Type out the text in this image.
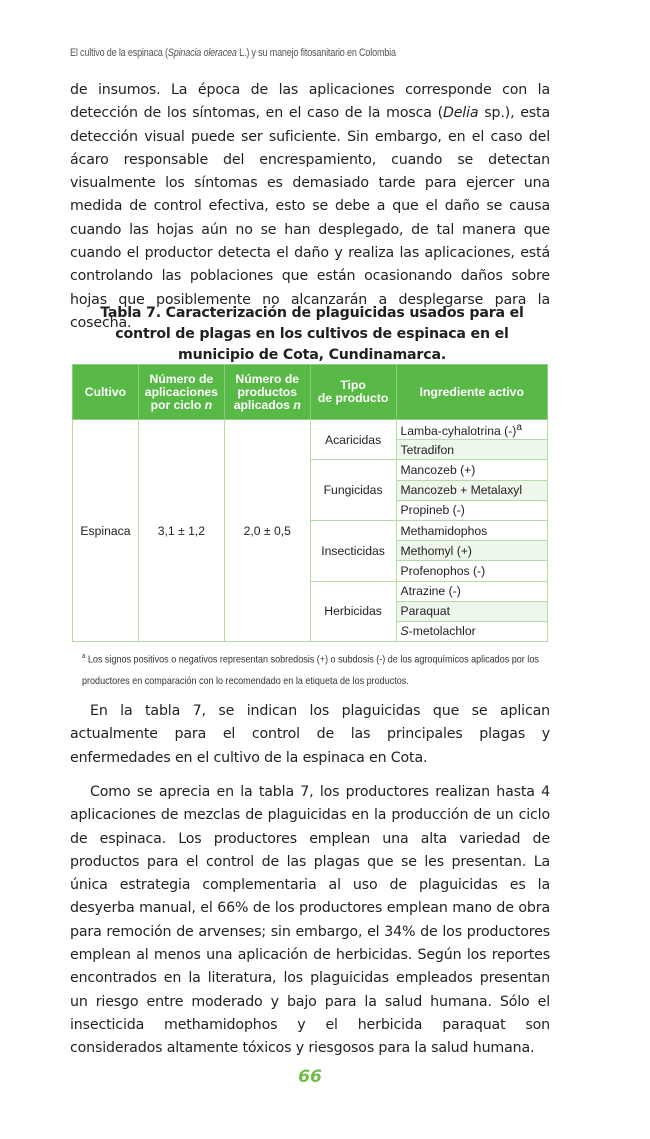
El cultivo de la espinaca (Spinacia oleracea L.) y su manejo fitosanitario en Colombia

de insumos. La época de las aplicaciones corresponde con la detección de los síntomas, en el caso de la mosca (Delia sp.), esta detección visual puede ser suficiente. Sin embargo, en el caso del ácaro responsable del encrespamiento, cuando se detectan visualmente los síntomas es demasiado tarde para ejercer una medida de control efectiva, esto se debe a que el daño se causa cuando las hojas aún no se han desplegado, de tal manera que cuando el productor detecta el daño y realiza las aplicaciones, está controlando las poblaciones que están ocasionando daños sobre hojas que posiblemente no alcanzarán a desplegarse para la cosecha.

Tabla 7. Caracterización de plaguicidas usados para el control de plagas en los cultivos de espinaca en el municipio de Cota, Cundinamarca.

Cultivo	Número de
aplicaciones
por ciclo n	Número de
productos
aplicados n	Tipo
de producto	Ingrediente activo
Espinaca	3,1 ± 1,2	2,0 ± 0,5	Acaricidas	Lamba-cyhalotrina $(-)^a$
				Tetradifon
			Fungicidas	Mancozeb (+)
				Mancozeb + Metalaxyl
				Propineb (-)
			Insecticidas	Methamidophos
				Methomyl (+)
				Profenophos (-)
			Herbicidas	Atrazine (-)
				Paraquat
				S-metolachlor
$^a$ Los signos positivos o negativos representan sobredosis (+) o subdosis (-) de los agroquímicos aplicados por los
productores en comparación con lo recomendado en la etiqueta de los productos.

En la tabla 7, se indican los plaguicidas que se aplican actualmente para el control de las principales plagas y enfermedades en el cultivo de la espinaca en Cota.

Como se aprecia en la tabla 7, los productores realizan hasta 4 aplicaciones de mezclas de plaguicidas en la producción de un ciclo de espinaca. Los productores emplean una alta variedad de productos para el control de las plagas que se les presentan. La única estrategia complementaria al uso de plaguicidas es la desyerba manual, el 66% de los productores emplean mano de obra para remoción de arvenses; sin embargo, el 34% de los productores emplean al menos una aplicación de herbicidas. Según los reportes encontrados en la literatura, los plaguicidas empleados presentan un riesgo entre moderado y bajo para la salud humana. Sólo el insecticida methamidophos y el herbicida paraquat son considerados altamente tóxicos y riesgosos para la salud humana.

66
